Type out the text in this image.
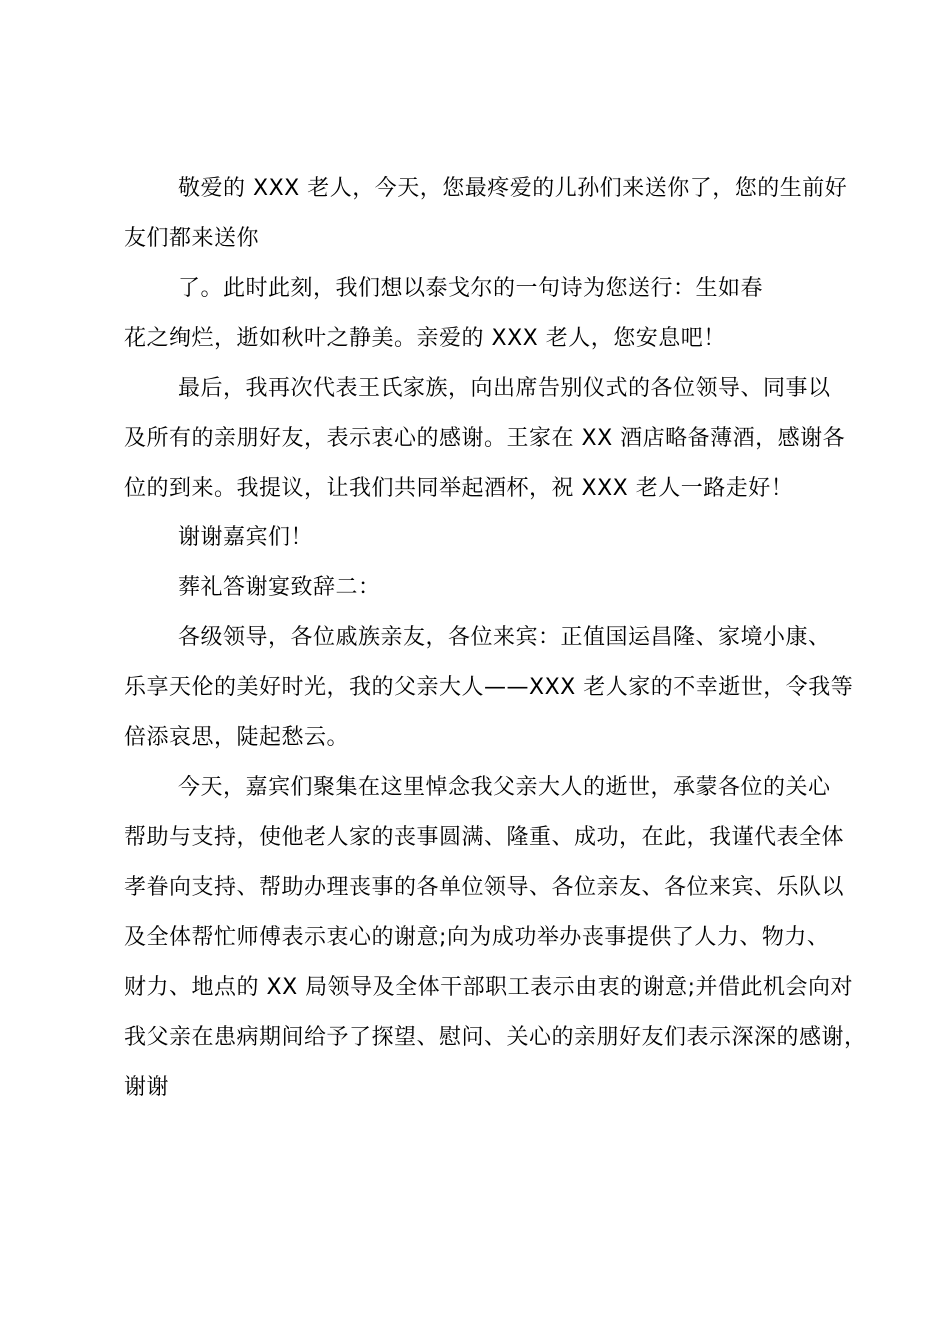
敬爱的 XXX 老人，今天，您最疼爱的儿孙们来送你了，您的生前好
友们都来送你
了。此时此刻，我们想以泰戈尔的一句诗为您送行：生如春
花之绚烂，逝如秋叶之静美。亲爱的 XXX 老人，您安息吧！
最后，我再次代表王氏家族，向出席告别仪式的各位领导、同事以
及所有的亲朋好友，表示衷心的感谢。王家在 XX 酒店略备薄酒，感谢各
位的到来。我提议，让我们共同举起酒杯，祝 XXX 老人一路走好！
谢谢嘉宾们！
葬礼答谢宴致辞二：
各级领导，各位戚族亲友，各位来宾：正值国运昌隆、家境小康、
乐享天伦的美好时光，我的父亲大人——XXX 老人家的不幸逝世，令我等
倍添哀思，陡起愁云。
今天，嘉宾们聚集在这里悼念我父亲大人的逝世，承蒙各位的关心
帮助与支持，使他老人家的丧事圆满、隆重、成功，在此，我谨代表全体
孝眷向支持、帮助办理丧事的各单位领导、各位亲友、各位来宾、乐队以
及全体帮忙师傅表示衷心的谢意;向为成功举办丧事提供了人力、物力、
财力、地点的 XX 局领导及全体干部职工表示由衷的谢意;并借此机会向对
我父亲在患病期间给予了探望、慰问、关心的亲朋好友们表示深深的感谢，
谢谢
